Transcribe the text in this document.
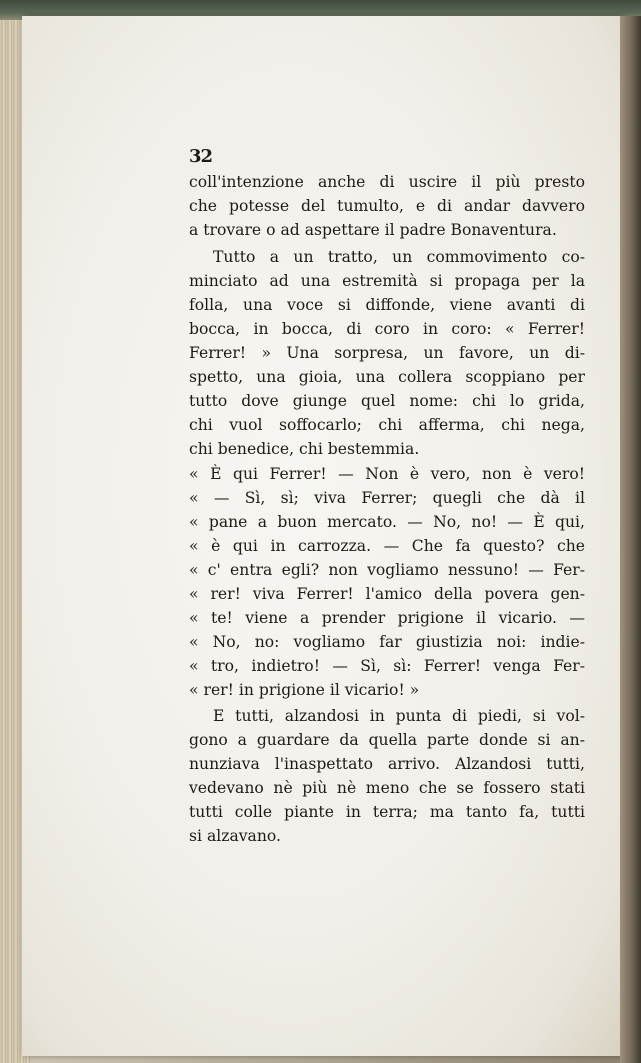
32
coll'intenzione anche di uscire il più presto
che potesse del tumulto, e di andar davvero
a trovare o ad aspettare il padre Bonaventura.
Tutto a un tratto, un commovimento co-
minciato ad una estremità si propaga per la
folla, una voce si diffonde, viene avanti di
bocca, in bocca, di coro in coro: « Ferrer!
Ferrer! » Una sorpresa, un favore, un di-
spetto, una gioia, una collera scoppiano per
tutto dove giunge quel nome: chi lo grida,
chi vuol soffocarlo; chi afferma, chi nega,
chi benedice, chi bestemmia.
« È qui Ferrer! — Non è vero, non è vero!
« — Sì, sì; viva Ferrer; quegli che dà il
« pane a buon mercato. — No, no! — È qui,
« è qui in carrozza. — Che fa questo? che
« c' entra egli? non vogliamo nessuno! — Fer-
« rer! viva Ferrer! l'amico della povera gen-
« te! viene a prender prigione il vicario. —
« No, no: vogliamo far giustizia noi: indie-
« tro, indietro! — Sì, sì: Ferrer! venga Fer-
« rer! in prigione il vicario! »
E tutti, alzandosi in punta di piedi, si vol-
gono a guardare da quella parte donde si an-
nunziava l'inaspettato arrivo. Alzandosi tutti,
vedevano nè più nè meno che se fossero stati
tutti colle piante in terra; ma tanto fa, tutti
si alzavano.
